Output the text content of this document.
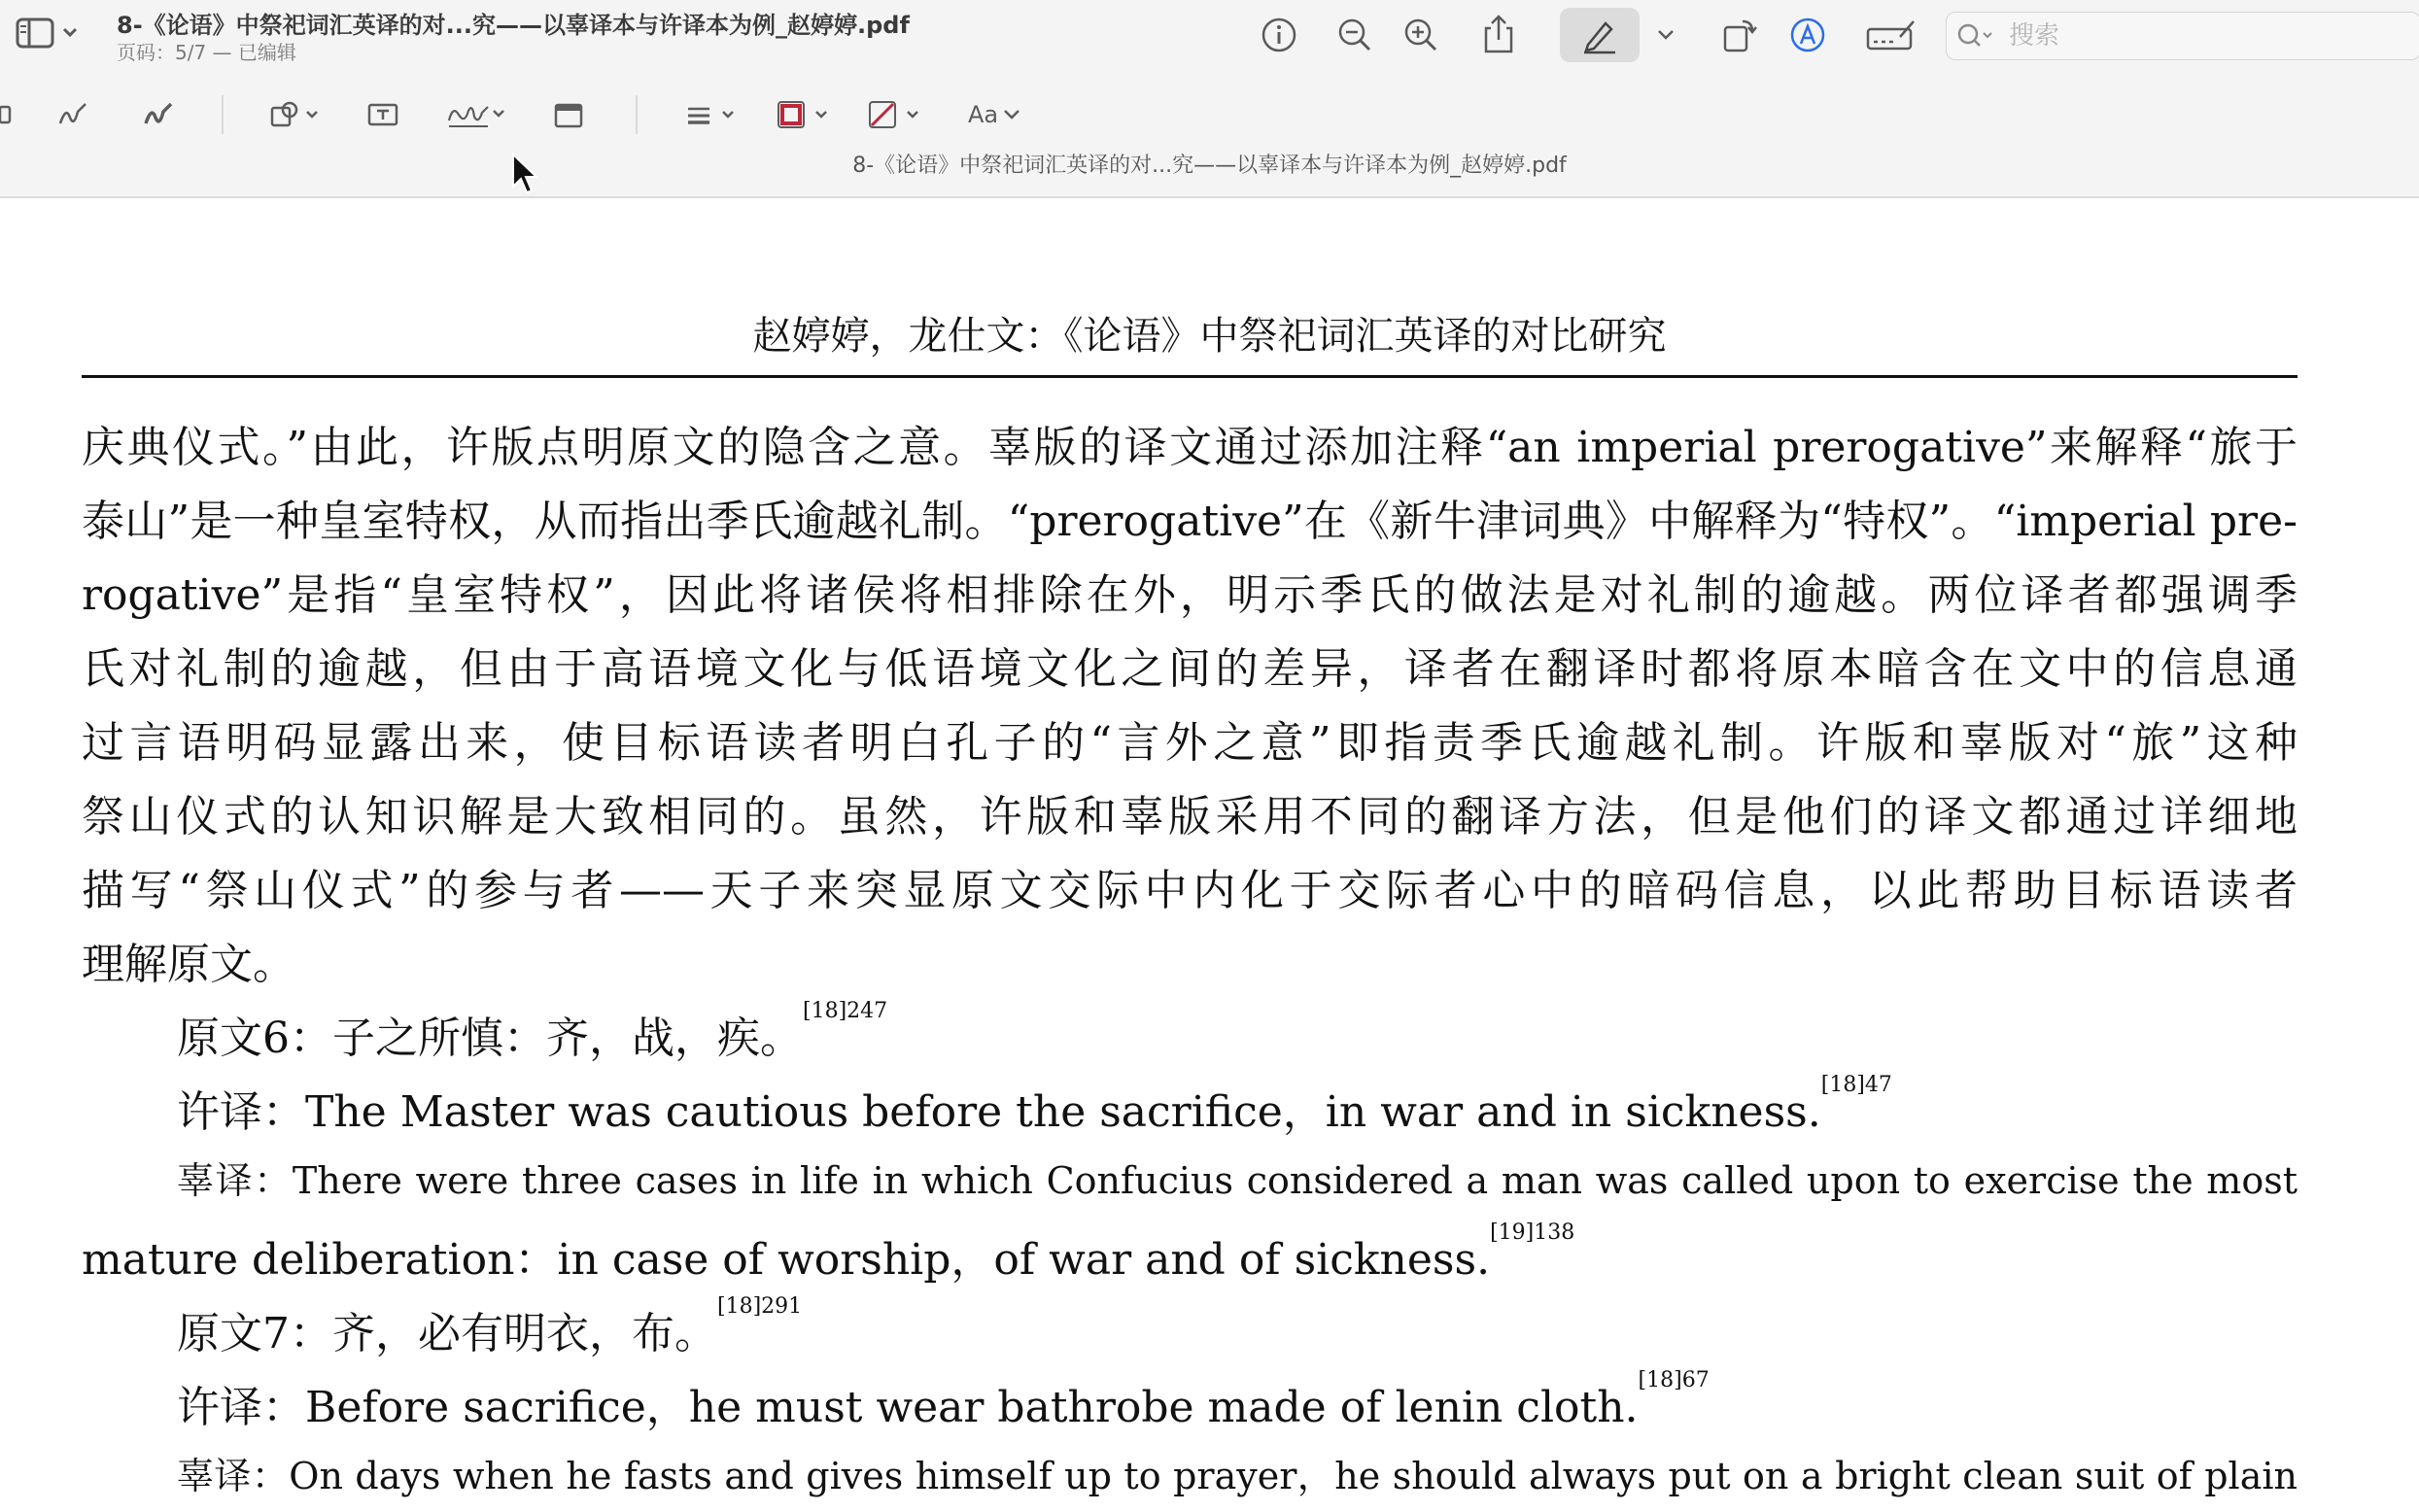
8-《论语》中祭祀词汇英译的对...究——以辜译本与许译本为例_赵婷婷.pdf
页码：5/7 — 已编辑
搜索
Aa
8-《论语》中祭祀词汇英译的对...究——以辜译本与许译本为例_赵婷婷.pdf
赵婷婷，龙仕文：《论语》中祭祀词汇英译的对比研究
庆典仪式。”由此，许版点明原文的隐含之意。辜版的译文通过添加注释“an imperial prerogative”来解释“旅于
泰山”是一种皇室特权，从而指出季氏逾越礼制。“prerogative”在《新牛津词典》中解释为“特权”。“imperial pre-
rogative”是指“皇室特权”，因此将诸侯将相排除在外，明示季氏的做法是对礼制的逾越。两位译者都强调季
氏对礼制的逾越，但由于高语境文化与低语境文化之间的差异，译者在翻译时都将原本暗含在文中的信息通
过言语明码显露出来，使目标语读者明白孔子的“言外之意”即指责季氏逾越礼制。许版和辜版对“旅”这种
祭山仪式的认知识解是大致相同的。虽然，许版和辜版采用不同的翻译方法，但是他们的译文都通过详细地
描写“祭山仪式”的参与者——天子来突显原文交际中内化于交际者心中的暗码信息，以此帮助目标语读者
理解原文。
原文6：子之所慎：齐，战，疾。$^{[18]247}$
许译：The Master was cautious before the sacrifice，in war and in sickness.$^{[18]47}$
辜译：There were three cases in life in which Confucius considered a man was called upon to exercise the most
mature deliberation：in case of worship，of war and of sickness.$^{[19]138}$
原文7：齐，必有明衣，布。$^{[18]291}$
许译：Before sacrifice，he must wear bathrobe made of lenin cloth.$^{[18]67}$
辜译：On days when he fasts and gives himself up to prayer，he should always put on a bright clean suit of plain
